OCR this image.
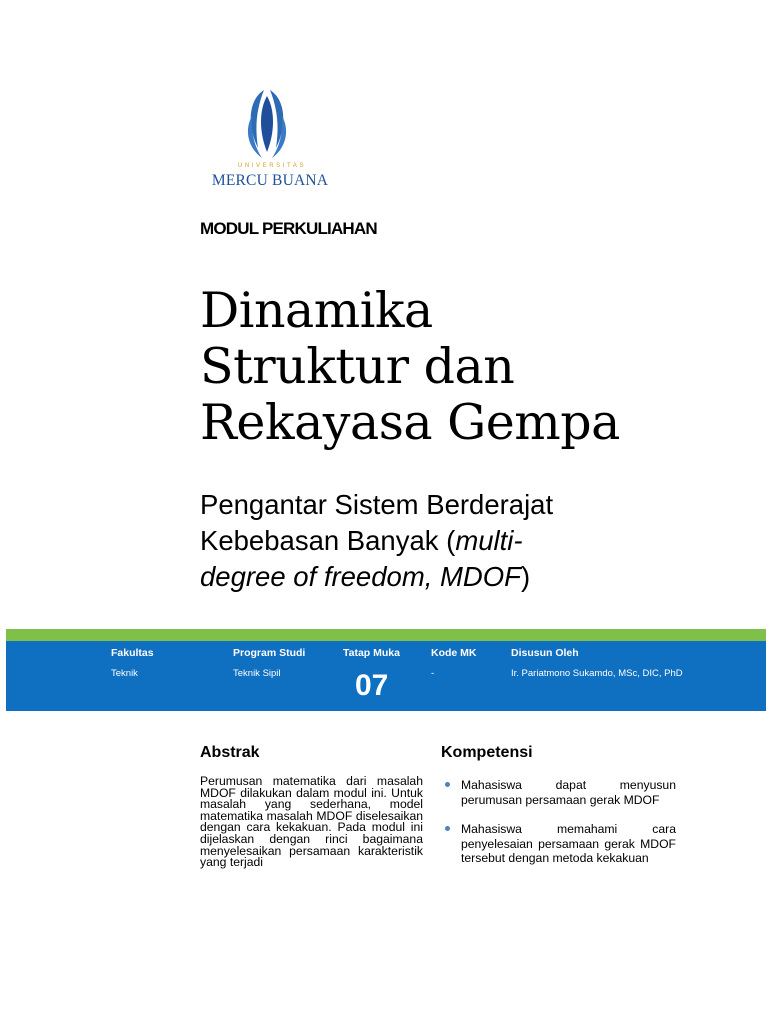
UNIVERSITAS
MERCU BUANA
MODUL PERKULIAHAN
Dinamika
Struktur dan
Rekayasa Gempa

Pengantar Sistem Berderajat
Kebebasan Banyak (multi-
degree of freedom, MDOF)

Fakultas
Teknik
Program Studi
Teknik Sipil
Tatap Muka
07
Kode MK
-
Disusun Oleh
Ir. Pariatmono Sukamdo, MSc, DIC, PhD
Abstrak

Perumusan matematika dari masalah MDOF dilakukan dalam modul ini. Untuk masalah yang sederhana, model matematika masalah MDOF diselesaikan dengan cara kekakuan. Pada modul ini dijelaskan dengan rinci bagaimana menyelesaikan persamaan karakteristik yang terjadi

Kompetensi
Mahasiswa dapat menyusun perumusan persamaan gerak MDOF
Mahasiswa memahami cara penyelesaian persamaan gerak MDOF tersebut dengan metoda kekakuan
